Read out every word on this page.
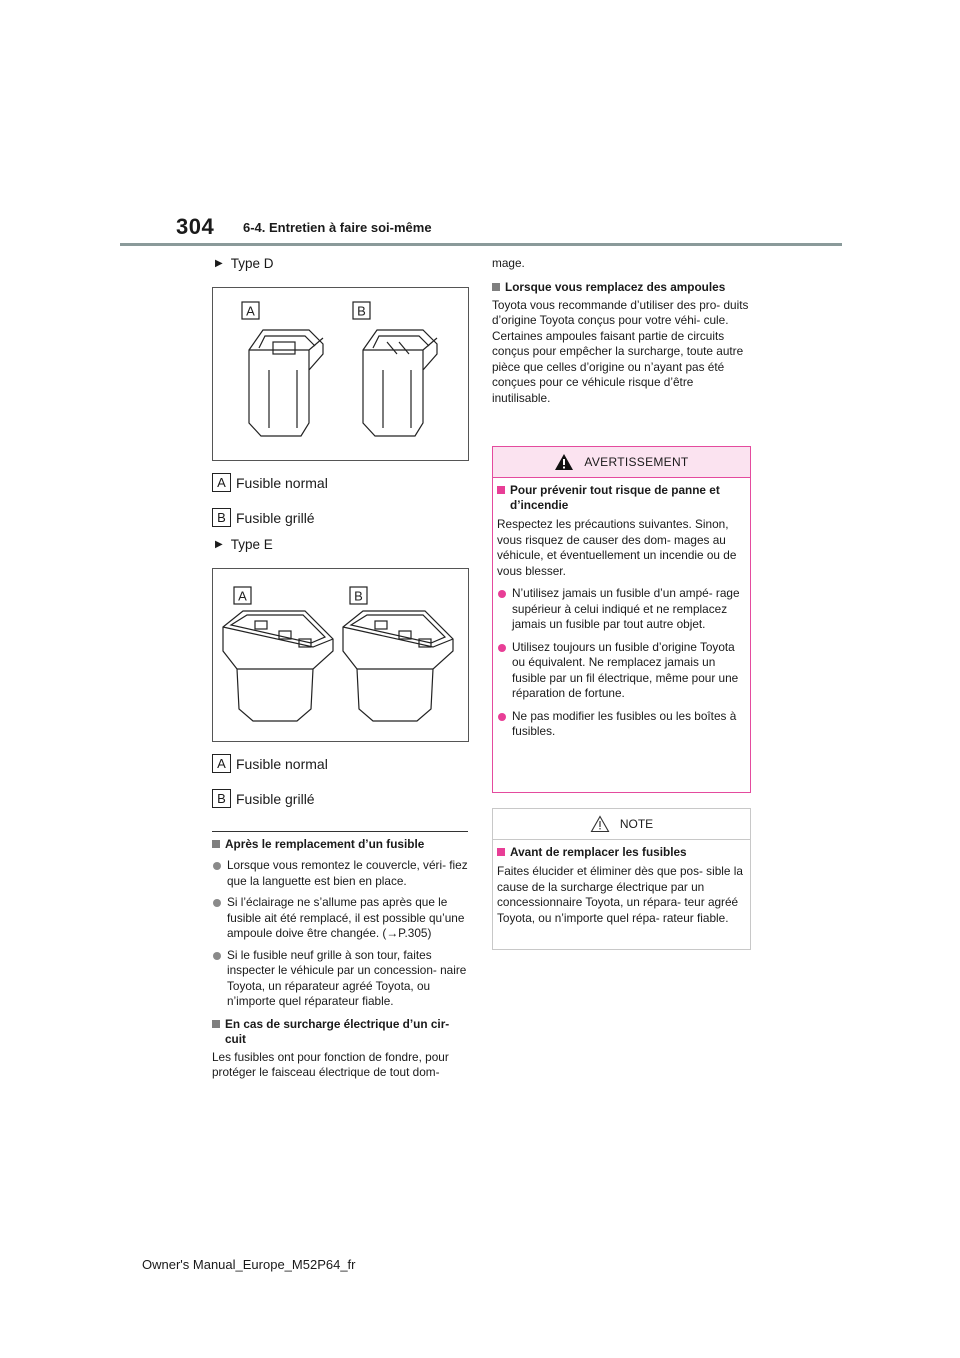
304 6-4. Entretien à faire soi-même
▶ Type D
A	B
A Fusible normal
B Fusible grillé
▶ Type E
A	B
A Fusible normal
B Fusible grillé
Après le remplacement d’un fusible
Lorsque vous remontez le couvercle, véri- fiez que la languette est bien en place.
Si l’éclairage ne s’allume pas après que le fusible ait été remplacé, il est possible qu’une ampoule doive être changée. (→P.305)
Si le fusible neuf grille à son tour, faites inspecter le véhicule par un concession- naire Toyota, un réparateur agréé Toyota, ou n’importe quel réparateur fiable.
En cas de surcharge électrique d’un cir- cuit
Les fusibles ont pour fonction de fondre, pour protéger le faisceau électrique de tout dom-
mage.
Lorsque vous remplacez des ampoules
Toyota vous recommande d’utiliser des pro- duits d’origine Toyota conçus pour votre véhi- cule. Certaines ampoules faisant partie de circuits conçus pour empêcher la surcharge, toute autre pièce que celles d’origine ou n’ayant pas été conçues pour ce véhicule risque d’être inutilisable.
AVERTISSEMENT
Pour prévenir tout risque de panne et d’incendie
Respectez les précautions suivantes. Sinon, vous risquez de causer des dom- mages au véhicule, et éventuellement un incendie ou de vous blesser.
N’utilisez jamais un fusible d’un ampé- rage supérieur à celui indiqué et ne remplacez jamais un fusible par tout autre objet.
Utilisez toujours un fusible d’origine Toyota ou équivalent. Ne remplacez jamais un fusible par un fil électrique, même pour une réparation de fortune.
Ne pas modifier les fusibles ou les boîtes à fusibles.
NOTE
Avant de remplacer les fusibles
Faites élucider et éliminer dès que pos- sible la cause de la surcharge électrique par un concessionnaire Toyota, un répara- teur agréé Toyota, ou n’importe quel répa- rateur fiable.
Owner's Manual_Europe_M52P64_fr
